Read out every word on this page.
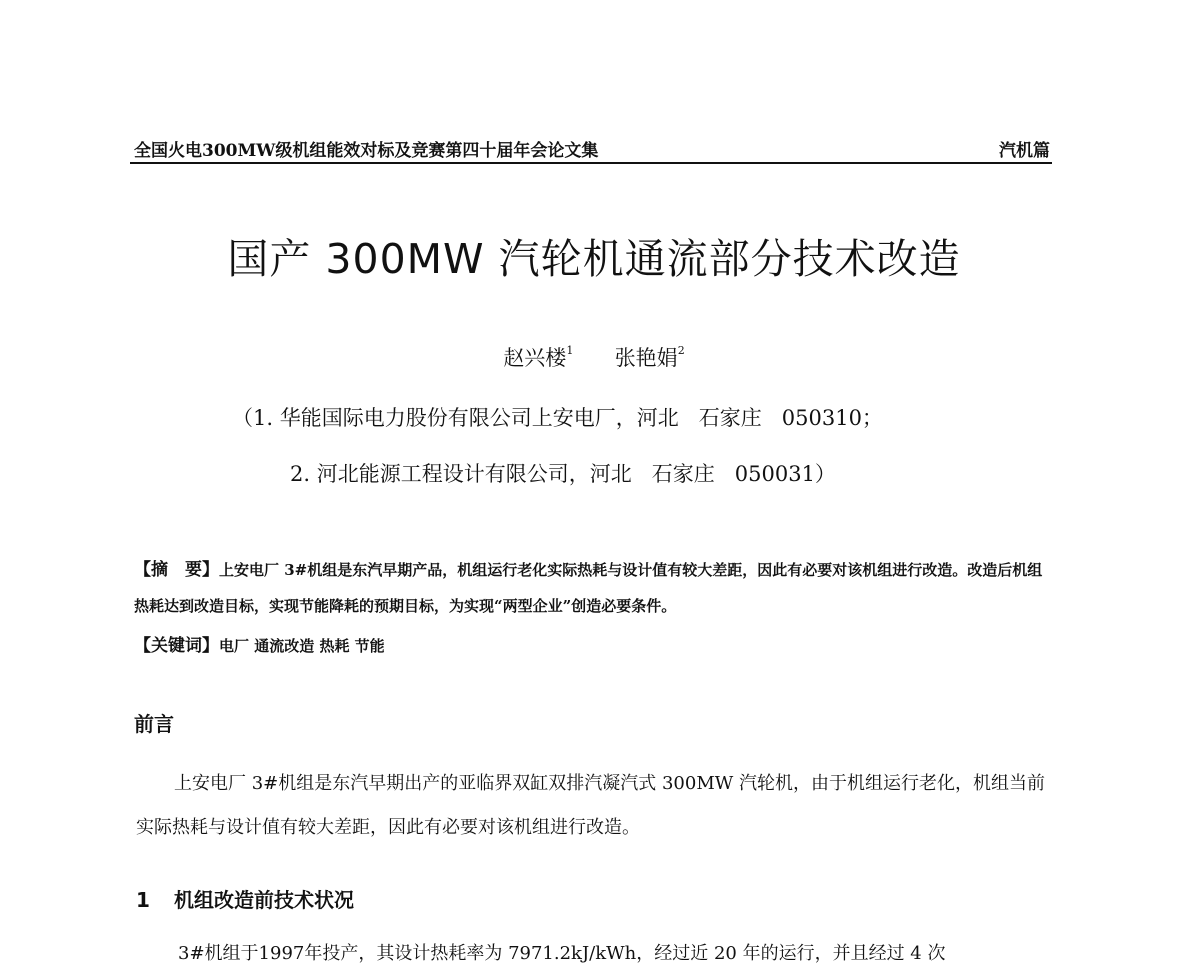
全国火电300MW级机组能效对标及竞赛第四十届年会论文集	汽机篇
国产 300MW 汽轮机通流部分技术改造
赵兴楼$^1$ 张艳娟$^2$
（1. 华能国际电力股份有限公司上安电厂，河北   石家庄   050310；
2. 河北能源工程设计有限公司，河北   石家庄   050031）
【摘　要】上安电厂 3#机组是东汽早期产品，机组运行老化实际热耗与设计值有较大差距，因此有必要对该机组进行改造。改造后机组热耗达到改造目标，实现节能降耗的预期目标，为实现“两型企业”创造必要条件。
【关键词】电厂 通流改造 热耗 节能
前言
上安电厂 3#机组是东汽早期出产的亚临界双缸双排汽凝汽式 300MW 汽轮机，由于机组运行老化，机组当前实际热耗与设计值有较大差距，因此有必要对该机组进行改造。
1 机组改造前技术状况
3#机组于1997年投产，其设计热耗率为 7971.2kJ/kWh，经过近 20 年的运行，并且经过 4 次
